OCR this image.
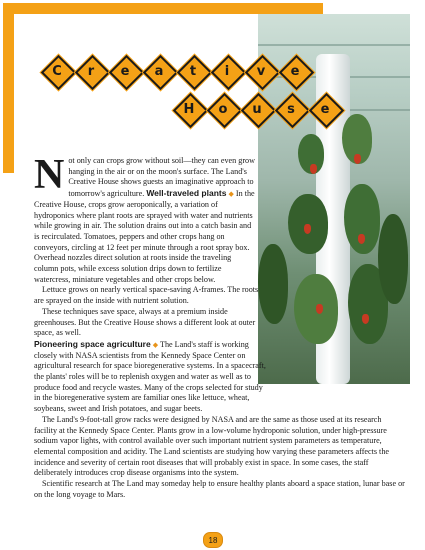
C	r	e	a	t	i	v	e
H	o	u	s	e

Not only can crops grow without soil—they can even grow hanging in the air or on the moon's surface. The Land's Creative House shows guests an imaginative approach to tomorrow's agriculture. Well-traveled plants ◆ In the Creative House, crops grow aeroponically, a variation of hydroponics where plant roots are sprayed with water and nutrients while growing in air. The solution drains out into a catch basin and is recirculated. Tomatoes, peppers and other crops hang on conveyors, circling at 12 feet per minute through a root spray box. Overhead nozzles direct solution at roots inside the traveling column pots, while excess solution drips down to fertilize watercress, miniature vegetables and other crops below.

Lettuce grows on nearly vertical space-saving A-frames. The roots are sprayed on the inside with nutrient solution.

These techniques save space, always at a premium inside greenhouses. But the Creative House shows a different look at outer space, as well.

Pioneering space agriculture ◆ The Land's staff is working closely with NASA scientists from the Kennedy Space Center on agricultural research for space bioregenerative systems. In a spacecraft, the plants' roles will be to replenish oxygen and water as well as to produce food and recycle wastes. Many of the crops selected for study in the bioregenerative system are familiar ones like lettuce, wheat, soybeans, sweet and Irish potatoes, and sugar beets.

The Land's 9-foot-tall grow racks were designed by NASA and are the same as those used at its research facility at the Kennedy Space Center. Plants grow in a low-volume hydroponic solution, under high-pressure sodium vapor lights, with control available over such important nutrient system parameters as temperature, elemental composition and acidity. The Land scientists are studying how varying these parameters affects the incidence and severity of certain root diseases that will probably exist in space. In some cases, the staff deliberately introduces crop disease organisms into the system.

Scientific research at The Land may someday help to ensure healthy plants aboard a space station, lunar base or on the long voyage to Mars.

18
